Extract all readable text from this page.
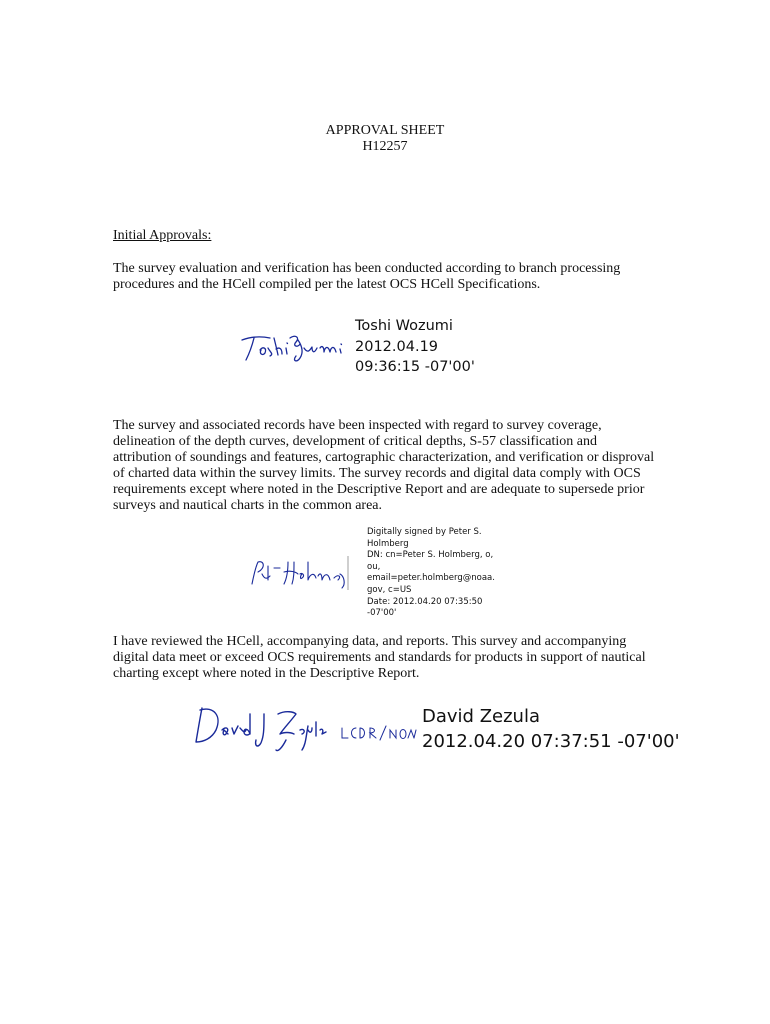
APPROVAL SHEET
H12257
Initial Approvals:

The survey evaluation and verification has been conducted according to branch processing procedures and the HCell compiled per the latest OCS HCell Specifications.

Toshi Wozumi
2012.04.19
09:36:15 -07'00'

The survey and associated records have been inspected with regard to survey coverage, delineation of the depth curves, development of critical depths, S-57 classification and attribution of soundings and features, cartographic characterization, and verification or disproval of charted data within the survey limits. The survey records and digital data comply with OCS requirements except where noted in the Descriptive Report and are adequate to supersede prior surveys and nautical charts in the common area.

Digitally signed by Peter S.
Holmberg
DN: cn=Peter S. Holmberg, o,
ou,
email=peter.holmberg@noaa.
gov, c=US
Date: 2012.04.20 07:35:50
-07'00'

I have reviewed the HCell, accompanying data, and reports. This survey and accompanying digital data meet or exceed OCS requirements and standards for products in support of nautical charting except where noted in the Descriptive Report.

David Zezula
2012.04.20 07:37:51 -07'00'
